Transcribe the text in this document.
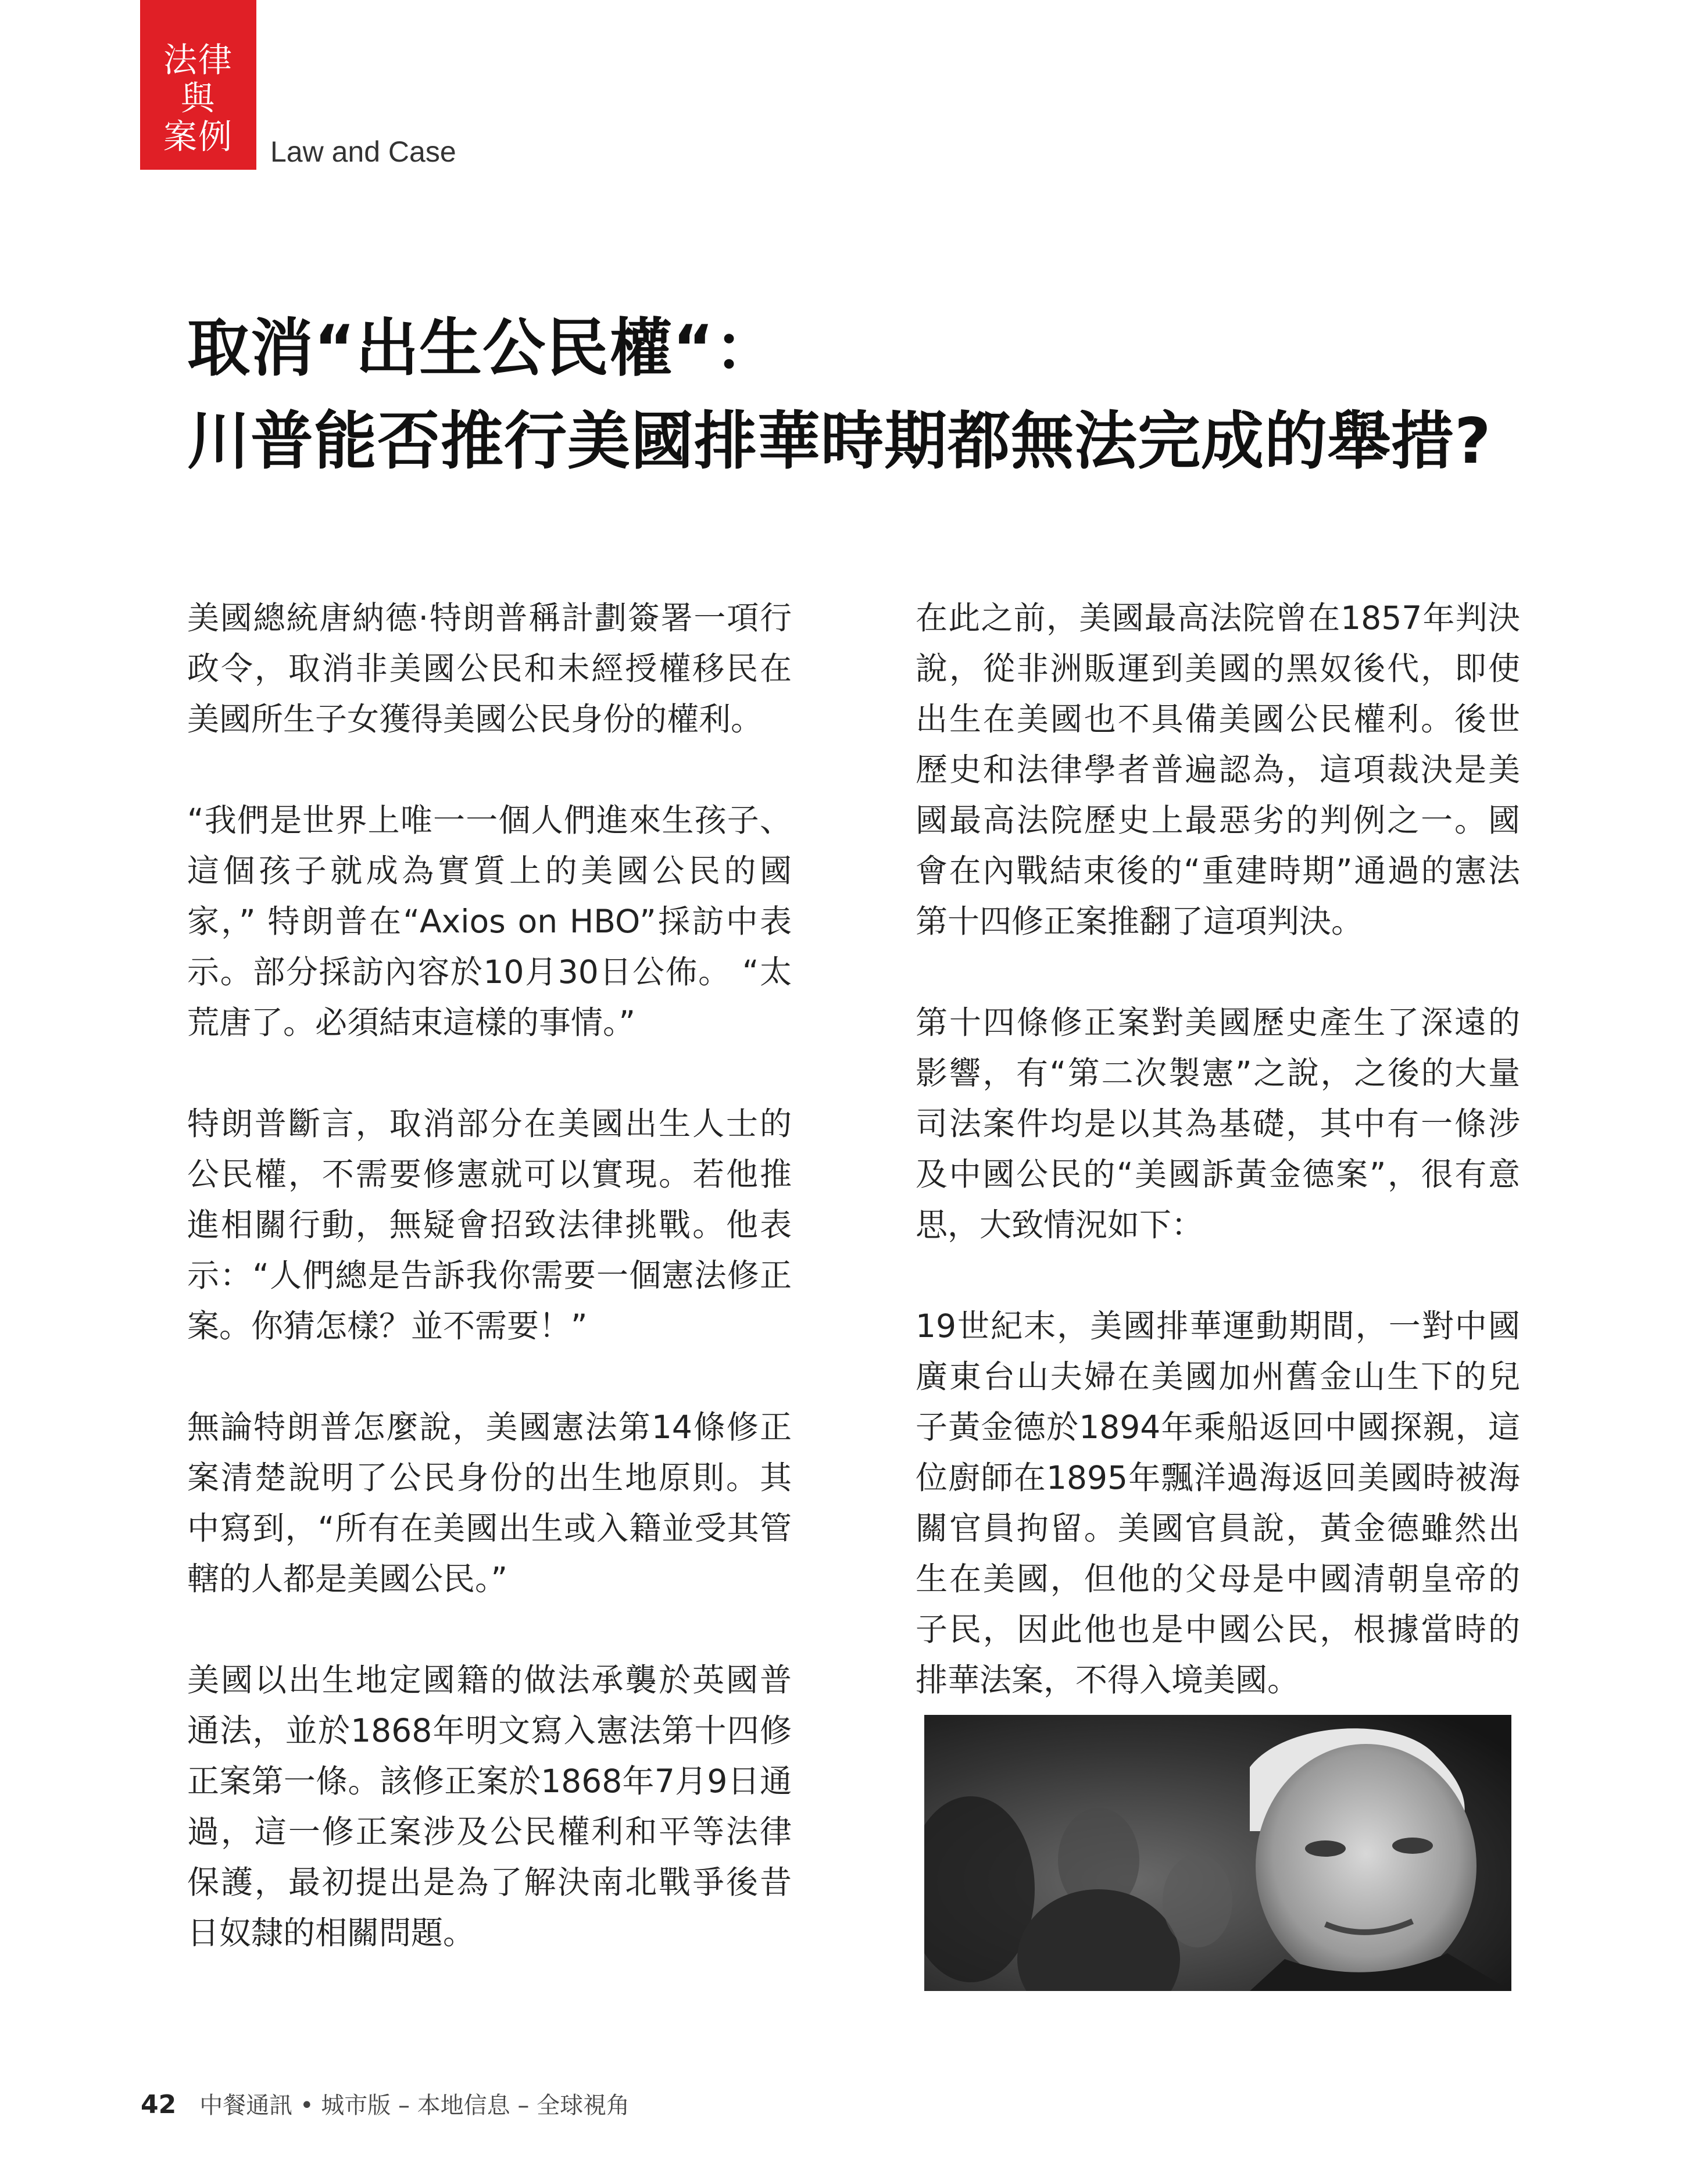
法律
與
案例	Law and Case
取消“出生公民權“：
川普能否推行美國排華時期都無法完成的舉措?

美國總統唐納德·特朗普稱計劃簽署一項行政令，取消非美國公民和未經授權移民在美國所生子女獲得美國公民身份的權利。

“我們是世界上唯一一個人們進來生孩子、這個孩子就成為實質上的美國公民的國家，” 特朗普在“Axios on HBO”採訪中表示。部分採訪內容於10月30日公佈。 “太荒唐了。必須結束這樣的事情。”

特朗普斷言，取消部分在美國出生人士的公民權，不需要修憲就可以實現。若他推進相關行動，無疑會招致法律挑戰。他表示：“人們總是告訴我你需要一個憲法修正案。你猜怎樣？並不需要！”

無論特朗普怎麼說，美國憲法第14條修正案清楚說明了公民身份的出生地原則。其中寫到，“所有在美國出生或入籍並受其管轄的人都是美國公民。”

美國以出生地定國籍的做法承襲於英國普通法，並於1868年明文寫入憲法第十四修正案第一條。該修正案於1868年7月9日通過，這一修正案涉及公民權利和平等法律保護，最初提出是為了解決南北戰爭後昔日奴隸的相關問題。

在此之前，美國最高法院曾在1857年判決說，從非洲販運到美國的黑奴後代，即使出生在美國也不具備美國公民權利。後世歷史和法律學者普遍認為，這項裁決是美國最高法院歷史上最惡劣的判例之一。國會在內戰結束後的“重建時期”通過的憲法第十四修正案推翻了這項判決。

第十四條修正案對美國歷史產生了深遠的影響，有“第二次製憲”之說，之後的大量司法案件均是以其為基礎，其中有一條涉及中國公民的“美國訴黃金德案”，很有意思，大致情況如下：

19世紀末，美國排華運動期間，一對中國廣東台山夫婦在美國加州舊金山生下的兒子黃金德於1894年乘船返回中國探親，這位廚師在1895年飄洋過海返回美國時被海關官員拘留。美國官員說，黃金德雖然出生在美國，但他的父母是中國清朝皇帝的子民，因此他也是中國公民，根據當時的排華法案，不得入境美國。

42 中餐通訊 • 城市版 – 本地信息 – 全球視角
